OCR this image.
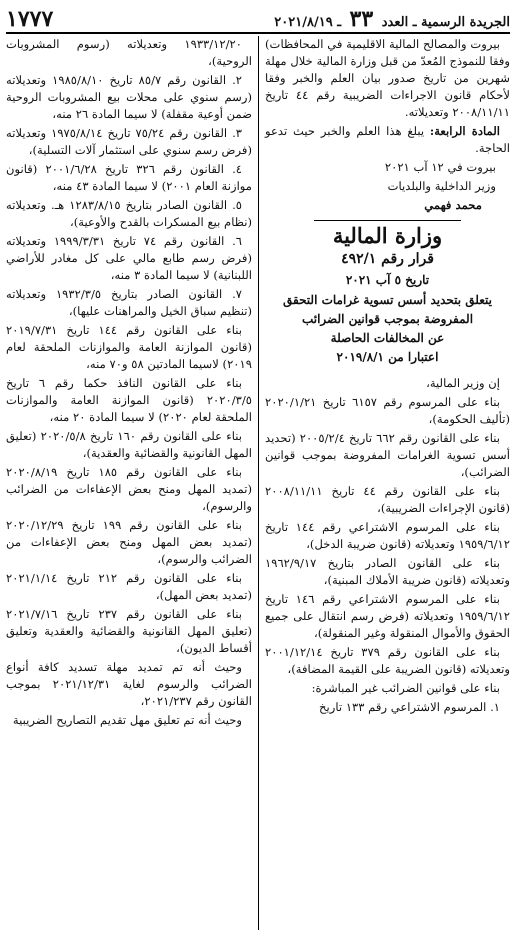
الجريدة الرسمية ـ العدد ٣٣ ـ ٢٠٢١/٨/١٩
١٧٧٧

بيروت والمصالح المالية الاقليمية في المحافظات) وفقا للنموذج المُعدّ من قبل وزارة المالية خلال مهلة شهرين من تاريخ صدور بيان العلم والخبر وفقا لأحكام قانون الاجراءات الضريبية رقم ٤٤ تاريخ ٢٠٠٨/١١/١١ وتعديلاته.

المادة الرابعة: يبلغ هذا العلم والخبر حيث تدعو الحاجة.

بيروت في ١٢ آب ٢٠٢١

وزير الداخلية والبلديات

محمد فهمي

وزارة المالية

قرار رقم ٤٩٢/١

تاريخ ٥ آب ٢٠٢١

يتعلق بتحديد أسس تسوية غرامات التحقق
المفروضة بموجب قوانين الضرائب
عن المخالفات الحاصلة
اعتبارا من ٢٠١٩/٨/١

إن وزير المالية،

بناء على المرسوم رقم ٦١٥٧ تاريخ ٢٠٢٠/١/٢١ (تأليف الحكومة)،

بناء على القانون رقم ٦٦٢ تاريخ ٢٠٠٥/٢/٤ (تحديد أسس تسوية الغرامات المفروضة بموجب قوانين الضرائب)،

بناء على القانون رقم ٤٤ تاريخ ٢٠٠٨/١١/١١ (قانون الإجراءات الضريبية)،

بناء على المرسوم الاشتراعي رقم ١٤٤ تاريخ ١٩٥٩/٦/١٢ وتعديلاته (قانون ضريبة الدخل)،

بناء على القانون الصادر بتاريخ ١٩٦٢/٩/١٧ وتعديلاته (قانون ضريبة الأملاك المبنية)،

بناء على المرسوم الاشتراعي رقم ١٤٦ تاريخ ١٩٥٩/٦/١٢ وتعديلاته (فرض رسم انتقال على جميع الحقوق والأموال المنقولة وغير المنقولة)،

بناء على القانون رقم ٣٧٩ تاريخ ٢٠٠١/١٢/١٤ وتعديلاته (قانون الضريبة على القيمة المضافة)،

بناء على قوانين الضرائب غير المباشرة:

١. المرسوم الاشتراعي رقم ١٣٣ تاريخ

١٩٣٣/١٢/٢٠ وتعديلاته (رسوم المشروبات الروحية)،

٢. القانون رقم ٨٥/٧ تاريخ ١٩٨٥/٨/١٠ وتعديلاته (رسم سنوي على محلات بيع المشروبات الروحية ضمن أوعية مقفلة) لا سيما المادة ٢٦ منه،

٣. القانون رقم ٧٥/٢٤ تاريخ ١٩٧٥/٨/١٤ وتعديلاته (فرض رسم سنوي على استثمار آلات التسلية)،

٤. القانون رقم ٣٢٦ تاريخ ٢٠٠١/٦/٢٨ (قانون موازنة العام ٢٠٠١) لا سيما المادة ٤٣ منه،

٥. القانون الصادر بتاريخ ١٢٨٣/٨/١٥ هـ. وتعديلاته (نظام بيع المسكرات بالقدح والأوعية)،

٦. القانون رقم ٧٤ تاريخ ١٩٩٩/٣/٣١ وتعديلاته (فرض رسم طابع مالي على كل مغادر للأراضي اللبنانية) لا سيما المادة ٣ منه،

٧. القانون الصادر بتاريخ ١٩٣٢/٣/٥ وتعديلاته (تنظيم سباق الخيل والمراهنات عليها)،

بناء على القانون رقم ١٤٤ تاريخ ٢٠١٩/٧/٣١ (قانون الموازنة العامة والموازنات الملحقة لعام ٢٠١٩) لاسيما المادتين ٥٨ و٧٠ منه،

بناء على القانون النافذ حكما رقم ٦ تاريخ ٢٠٢٠/٣/٥ (قانون الموازنة العامة والموازنات الملحقة لعام ٢٠٢٠) لا سيما المادة ٢٠ منه،

بناء على القانون رقم ١٦٠ تاريخ ٢٠٢٠/٥/٨ (تعليق المهل القانونية والقضائية والعقدية)،

بناء على القانون رقم ١٨٥ تاريخ ٢٠٢٠/٨/١٩ (تمديد المهل ومنح بعض الإعفاءات من الضرائب والرسوم)،

بناء على القانون رقم ١٩٩ تاريخ ٢٠٢٠/١٢/٢٩ (تمديد بعض المهل ومنح بعض الإعفاءات من الضرائب والرسوم)،

بناء على القانون رقم ٢١٢ تاريخ ٢٠٢١/١/١٤ (تمديد بعض المهل)،

بناء على القانون رقم ٢٣٧ تاريخ ٢٠٢١/٧/١٦ (تعليق المهل القانونية والقضائية والعقدية وتعليق أقساط الديون)،

وحيث أنه تم تمديد مهلة تسديد كافة أنواع الضرائب والرسوم لغاية ٢٠٢١/١٢/٣١ بموجب القانون رقم ٢٠٢١/٢٣٧،

وحيث أنه تم تعليق مهل تقديم التصاريح الضريبية
